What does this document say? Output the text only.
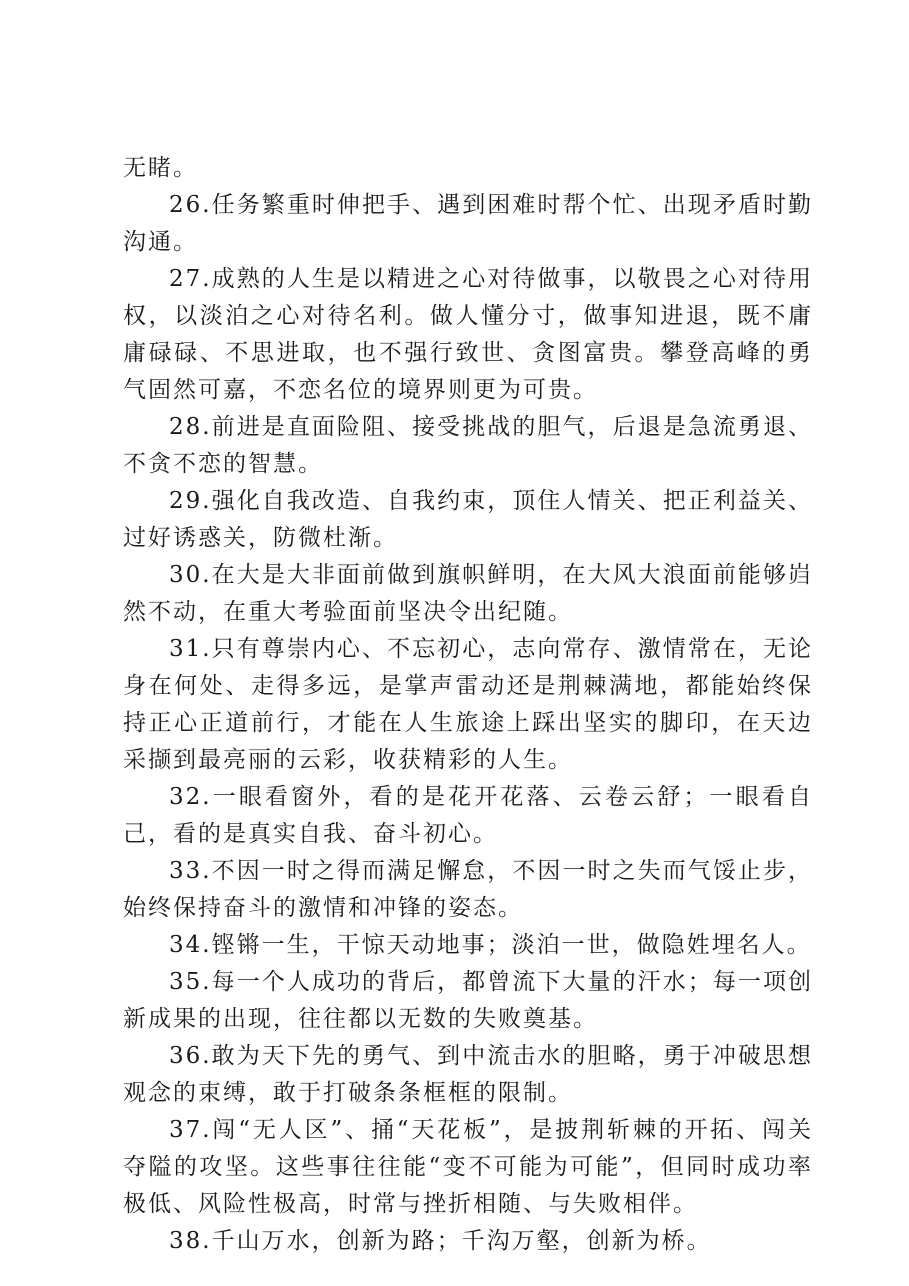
无睹。

26.任务繁重时伸把手、遇到困难时帮个忙、出现矛盾时勤沟通。

27.成熟的人生是以精进之心对待做事，以敬畏之心对待用权，以淡泊之心对待名利。做人懂分寸，做事知进退，既不庸庸碌碌、不思进取，也不强行致世、贪图富贵。攀登高峰的勇气固然可嘉，不恋名位的境界则更为可贵。

28.前进是直面险阻、接受挑战的胆气，后退是急流勇退、不贪不恋的智慧。

29.强化自我改造、自我约束，顶住人情关、把正利益关、过好诱惑关，防微杜渐。

30.在大是大非面前做到旗帜鲜明，在大风大浪面前能够岿然不动，在重大考验面前坚决令出纪随。

31.只有尊崇内心、不忘初心，志向常存、激情常在，无论身在何处、走得多远，是掌声雷动还是荆棘满地，都能始终保持正心正道前行，才能在人生旅途上踩出坚实的脚印，在天边采撷到最亮丽的云彩，收获精彩的人生。

32.一眼看窗外，看的是花开花落、云卷云舒；一眼看自己，看的是真实自我、奋斗初心。

33.不因一时之得而满足懈怠，不因一时之失而气馁止步，始终保持奋斗的激情和冲锋的姿态。

34.铿锵一生，干惊天动地事；淡泊一世，做隐姓埋名人。

35.每一个人成功的背后，都曾流下大量的汗水；每一项创新成果的出现，往往都以无数的失败奠基。

36.敢为天下先的勇气、到中流击水的胆略，勇于冲破思想观念的束缚，敢于打破条条框框的限制。

37.闯“无人区”、捅“天花板”，是披荆斩棘的开拓、闯关夺隘的攻坚。这些事往往能“变不可能为可能”，但同时成功率极低、风险性极高，时常与挫折相随、与失败相伴。

38.千山万水，创新为路；千沟万壑，创新为桥。
